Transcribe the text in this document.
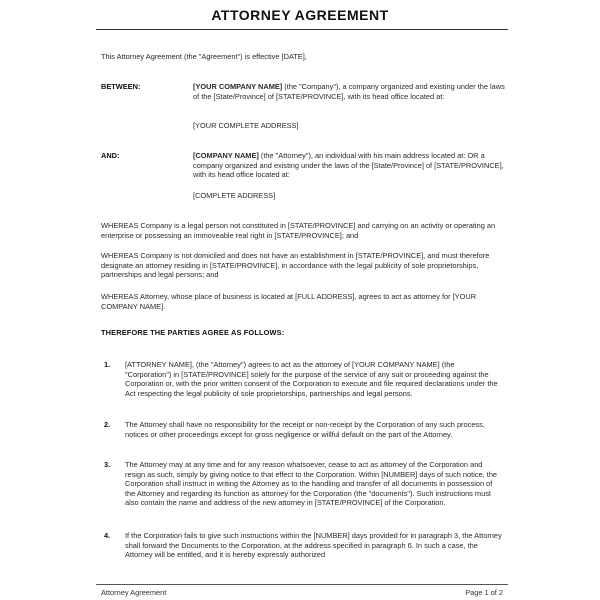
ATTORNEY AGREEMENT
This Attorney Agreement (the "Agreement") is effective [DATE],
BETWEEN:	[YOUR COMPANY NAME] (the "Company"), a company organized and existing under the laws of the [State/Province] of [STATE/PROVINCE], with its head office located at:
[YOUR COMPLETE ADDRESS]
AND:	[COMPANY NAME] (the "Attorney"), an individual with his main address located at: OR a company organized and existing under the laws of the [State/Province] of [STATE/PROVINCE], with its head office located at:
[COMPLETE ADDRESS]
WHEREAS Company is a legal person not constituted in [STATE/PROVINCE] and carrying on an activity or operating an enterprise or possessing an immoveable real right in [STATE/PROVINCE]; and
WHEREAS Company is not domiciled and does not have an establishment in [STATE/PROVINCE], and must therefore designate an attorney residing in [STATE/PROVINCE], in accordance with the legal publicity of sole proprietorships, partnerships and legal persons; and
WHEREAS Attorney, whose place of business is located at [FULL ADDRESS], agrees to act as attorney for [YOUR COMPANY NAME].
THEREFORE THE PARTIES AGREE AS FOLLOWS:
1. [ATTORNEY NAME], (the "Attorney") agrees to act as the attorney of [YOUR COMPANY NAME] (the "Corporation") in [STATE/PROVINCE] solely for the purpose of the service of any suit or proceeding against the Corporation or, with the prior written consent of the Corporation to execute and file required declarations under the Act respecting the legal publicity of sole proprietorships, partnerships and legal persons.
2. The Attorney shall have no responsibility for the receipt or non-receipt by the Corporation of any such process, notices or other proceedings except for gross negligence or willful default on the part of the Attorney.
3. The Attorney may at any time and for any reason whatsoever, cease to act as attorney of the Corporation and resign as such, simply by giving notice to that effect to the Corporation. Within [NUMBER] days of such notice, the Corporation shall instruct in writing the Attorney as to the handling and transfer of all documents in possession of the Attorney and regarding its function as attorney for the Corporation (the "documents"). Such instructions must also contain the name and address of the new attorney in [STATE/PROVINCE] of the Corporation.
4. If the Corporation fails to give such instructions within the [NUMBER] days provided for in paragraph 3, the Attorney shall forward the Documents to the Corporation, at the address specified in paragraph 6. In such a case, the Attorney will be entitled, and it is hereby expressly authorized
Attorney Agreement	Page 1 of 2
